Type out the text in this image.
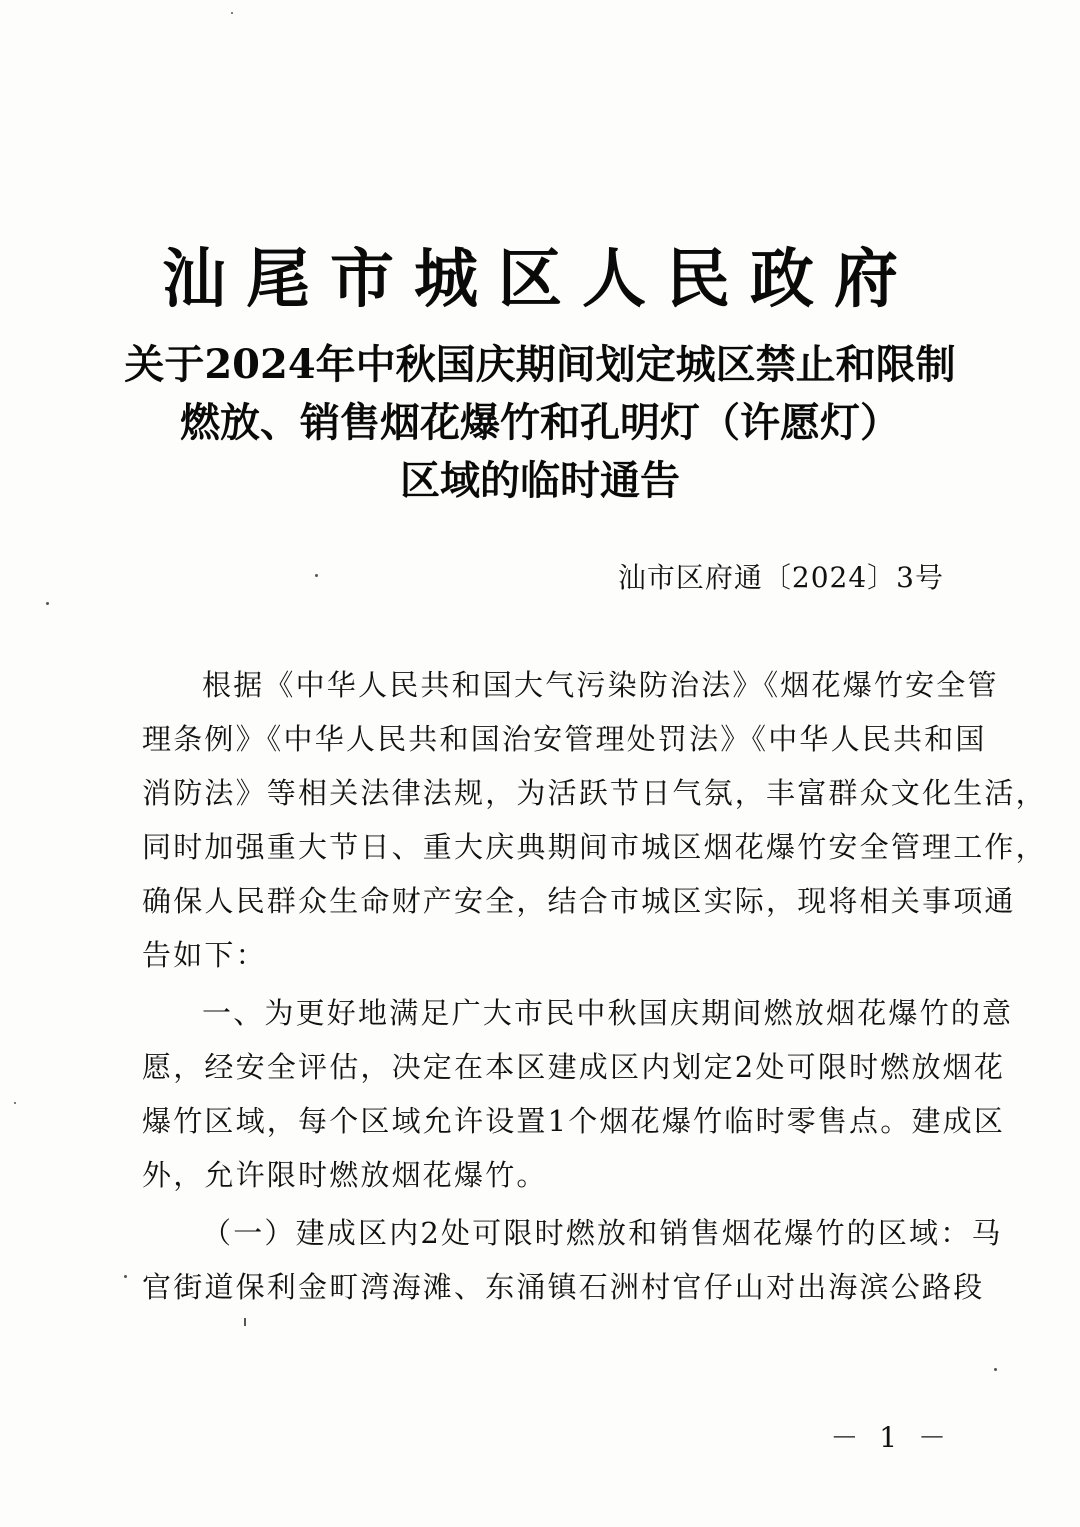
汕尾市城区人民政府
关于2024年中秋国庆期间划定城区禁止和限制
燃放、销售烟花爆竹和孔明灯（许愿灯）
区域的临时通告
汕市区府通〔2024〕3号
根据《中华人民共和国大气污染防治法》《烟花爆竹安全管
理条例》《中华人民共和国治安管理处罚法》《中华人民共和国
消防法》等相关法律法规，为活跃节日气氛，丰富群众文化生活，
同时加强重大节日、重大庆典期间市城区烟花爆竹安全管理工作，
确保人民群众生命财产安全，结合市城区实际，现将相关事项通
告如下：
一、为更好地满足广大市民中秋国庆期间燃放烟花爆竹的意
愿，经安全评估，决定在本区建成区内划定2处可限时燃放烟花
爆竹区域，每个区域允许设置1个烟花爆竹临时零售点。建成区
外，允许限时燃放烟花爆竹。
（一）建成区内2处可限时燃放和销售烟花爆竹的区域：马
官街道保利金町湾海滩、东涌镇石洲村官仔山对出海滨公路段
－ 1 －
